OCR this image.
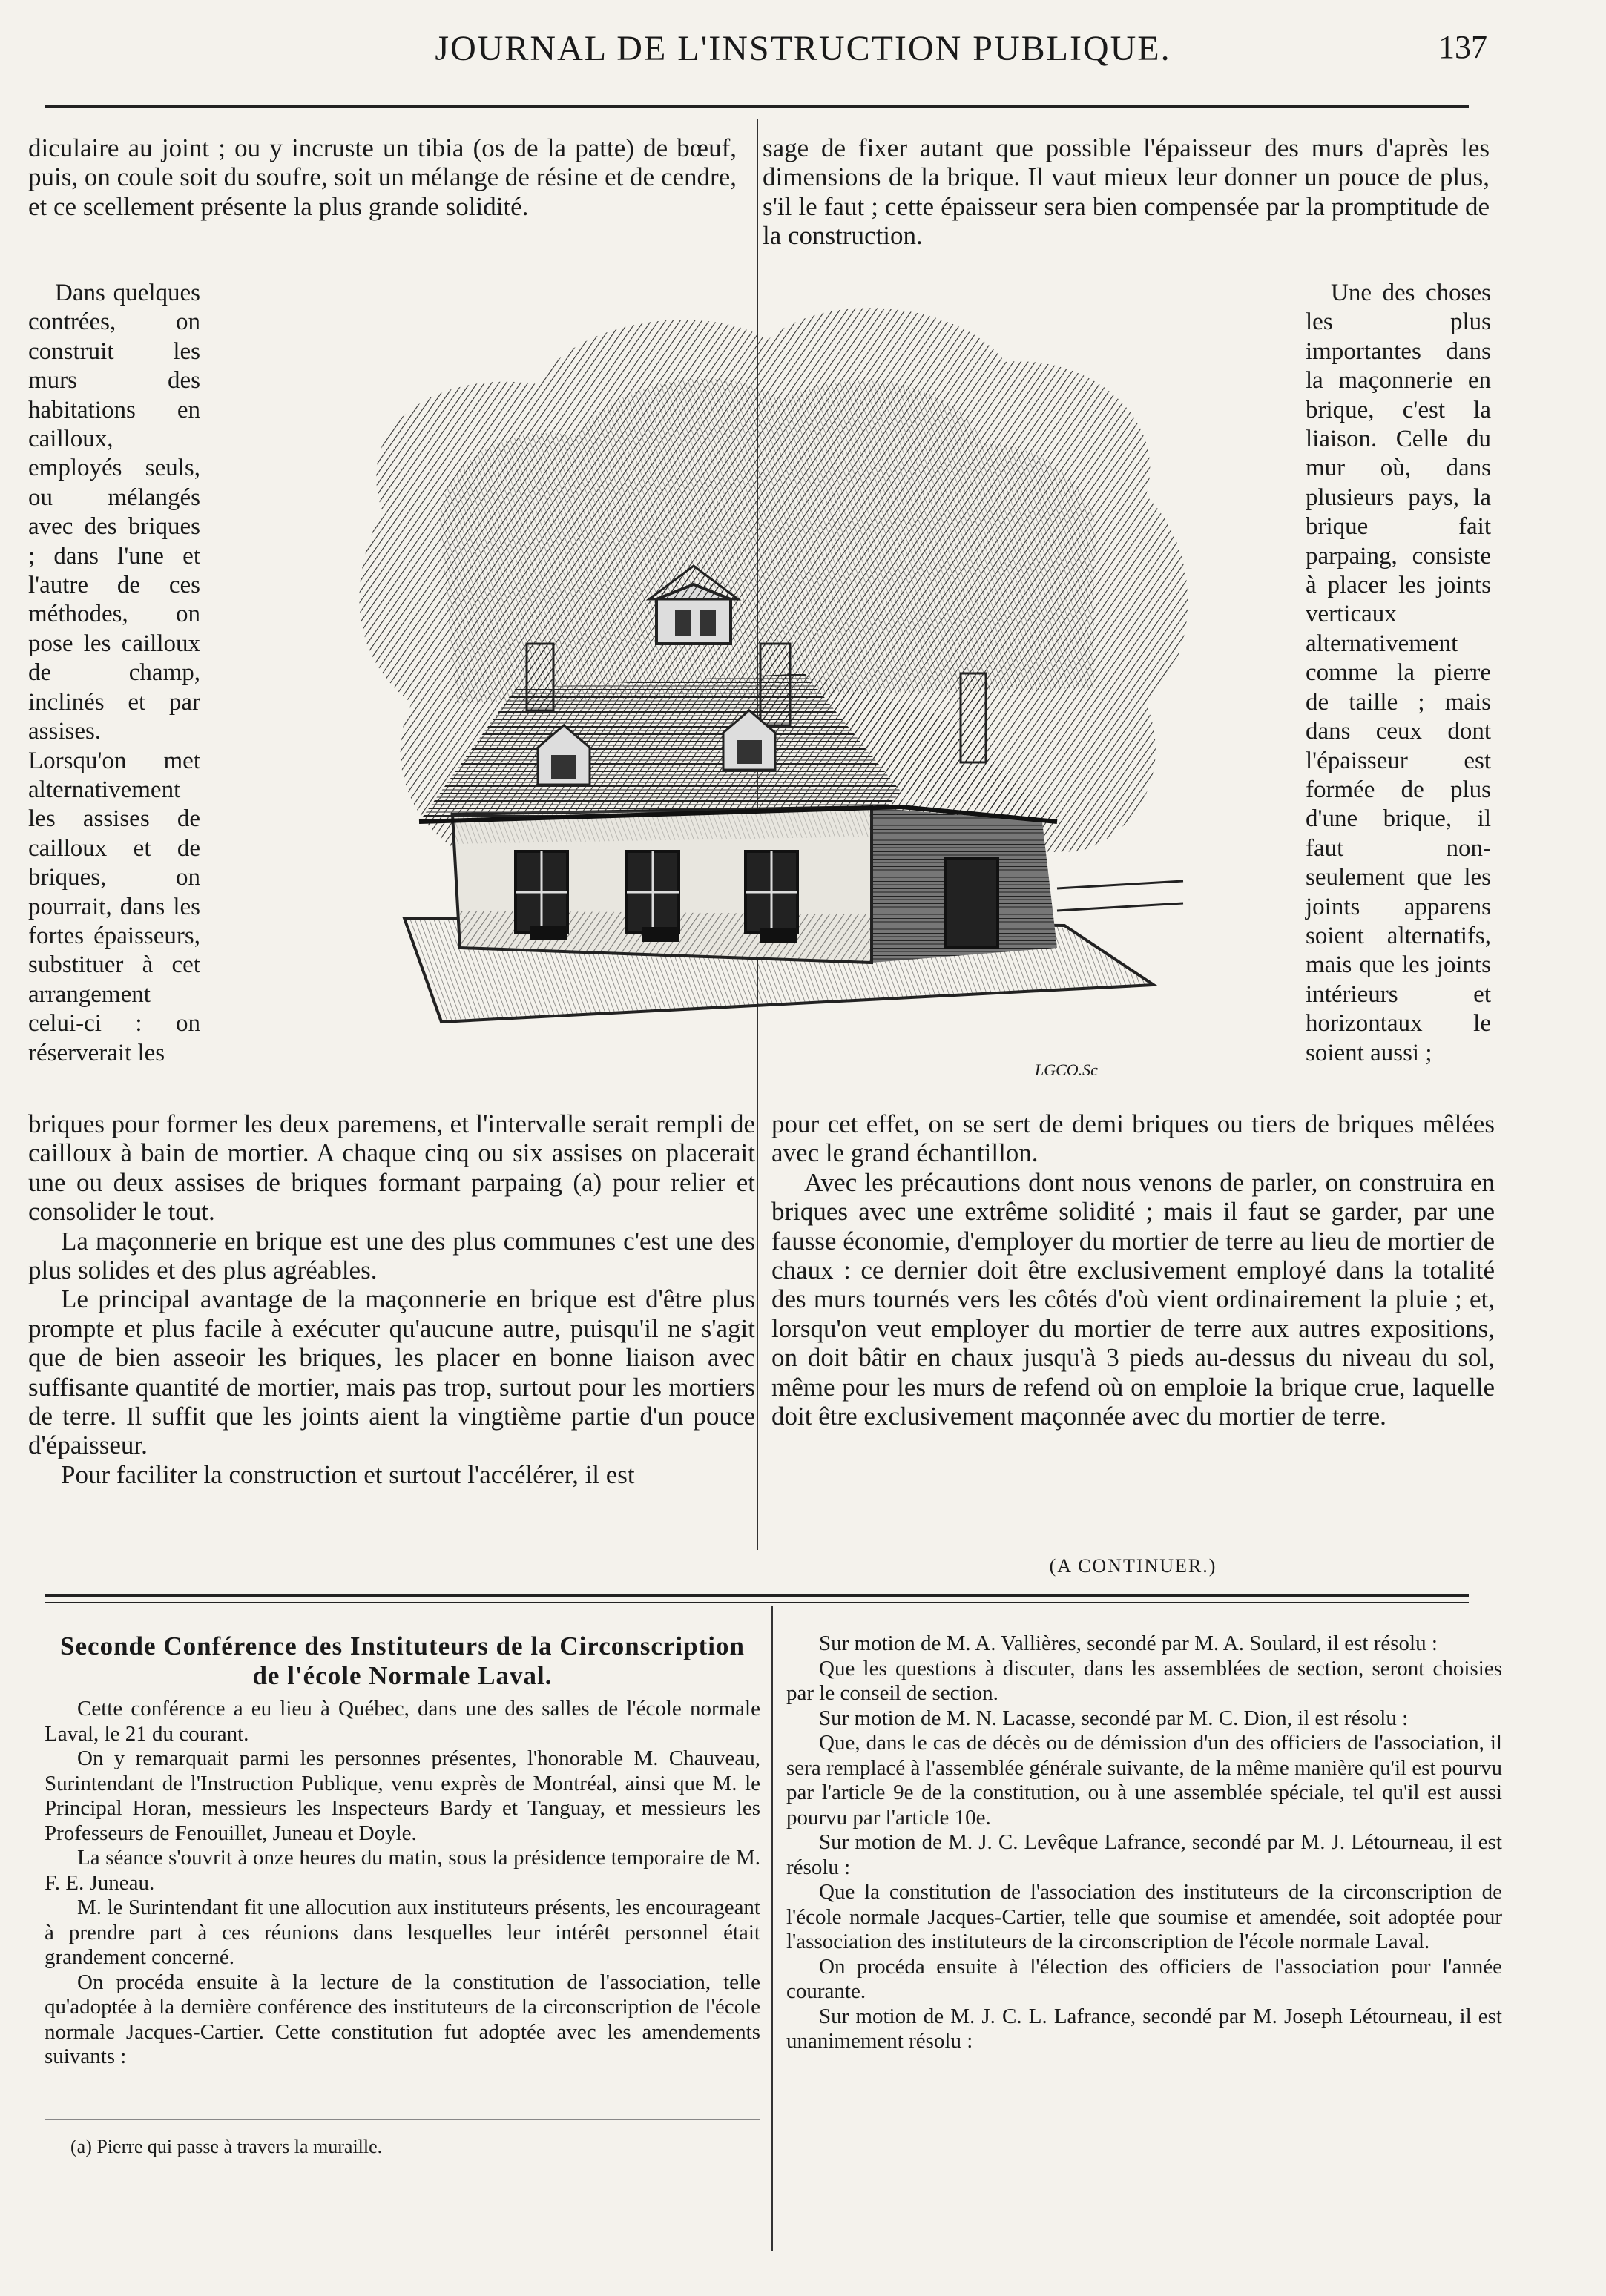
JOURNAL DE L'INSTRUCTION PUBLIQUE.	137

diculaire au joint ; ou y incruste un tibia (os de la patte) de bœuf, puis, on coule soit du soufre, soit un mélange de résine et de cendre, et ce scellement présente la plus grande solidité.

Dans quelques contrées, on construit les murs des habitations en cailloux, employés seuls, ou mélangés avec des briques ; dans l'une et l'autre de ces méthodes, on pose les cailloux de champ, inclinés et par assises. Lorsqu'on met alternativement les assises de cailloux et de briques, on pourrait, dans les fortes épaisseurs, substituer à cet arrangement celui-ci : on réserverait les

briques pour former les deux paremens, et l'intervalle serait rempli de cailloux à bain de mortier. A chaque cinq ou six assises on placerait une ou deux assises de briques formant parpaing (a) pour relier et consolider le tout.

La maçonnerie en brique est une des plus communes c'est une des plus solides et des plus agréables.

Le principal avantage de la maçonnerie en brique est d'être plus prompte et plus facile à exécuter qu'aucune autre, puisqu'il ne s'agit que de bien asseoir les briques, les placer en bonne liaison avec suffisante quantité de mortier, mais pas trop, surtout pour les mortiers de terre. Il suffit que les joints aient la vingtième partie d'un pouce d'épaisseur.

Pour faciliter la construction et surtout l'accélérer, il est

sage de fixer autant que possible l'épaisseur des murs d'après les dimensions de la brique. Il vaut mieux leur donner un pouce de plus, s'il le faut ; cette épaisseur sera bien compensée par la promptitude de la construction.

Une des choses les plus importantes dans la maçonnerie en brique, c'est la liaison. Celle du mur où, dans plusieurs pays, la brique fait parpaing, consiste à placer les joints verticaux alternativement comme la pierre de taille ; mais dans ceux dont l'épaisseur est formée de plus d'une brique, il faut non-seulement que les joints apparens soient alternatifs, mais que les joints intérieurs et horizontaux le soient aussi ;

pour cet effet, on se sert de demi briques ou tiers de briques mêlées avec le grand échantillon.

Avec les précautions dont nous venons de parler, on construira en briques avec une extrême solidité ; mais il faut se garder, par une fausse économie, d'employer du mortier de terre au lieu de mortier de chaux : ce dernier doit être exclusivement employé dans la totalité des murs tournés vers les côtés d'où vient ordinairement la pluie ; et, lorsqu'on veut employer du mortier de terre aux autres expositions, on doit bâtir en chaux jusqu'à 3 pieds au-dessus du niveau du sol, même pour les murs de refend où on emploie la brique crue, laquelle doit être exclusivement maçonnée avec du mortier de terre.

(A CONTINUER.)
LGCO.Sc
Seconde Conférence des Instituteurs de la Circonscription de l'école Normale Laval.

Cette conférence a eu lieu à Québec, dans une des salles de l'école normale Laval, le 21 du courant.

On y remarquait parmi les personnes présentes, l'honorable M. Chauveau, Surintendant de l'Instruction Publique, venu exprès de Montréal, ainsi que M. le Principal Horan, messieurs les Inspecteurs Bardy et Tanguay, et messieurs les Professeurs de Fenouillet, Juneau et Doyle.

La séance s'ouvrit à onze heures du matin, sous la présidence temporaire de M. F. E. Juneau.

M. le Surintendant fit une allocution aux instituteurs présents, les encourageant à prendre part à ces réunions dans lesquelles leur intérêt personnel était grandement concerné.

On procéda ensuite à la lecture de la constitution de l'association, telle qu'adoptée à la dernière conférence des instituteurs de la circonscription de l'école normale Jacques-Cartier. Cette constitution fut adoptée avec les amendements suivants :

(a) Pierre qui passe à travers la muraille.

Sur motion de M. A. Vallières, secondé par M. A. Soulard, il est résolu :

Que les questions à discuter, dans les assemblées de section, seront choisies par le conseil de section.

Sur motion de M. N. Lacasse, secondé par M. C. Dion, il est résolu :

Que, dans le cas de décès ou de démission d'un des officiers de l'association, il sera remplacé à l'assemblée générale suivante, de la même manière qu'il est pourvu par l'article 9e de la constitution, ou à une assemblée spéciale, tel qu'il est aussi pourvu par l'article 10e.

Sur motion de M. J. C. Levêque Lafrance, secondé par M. J. Létourneau, il est résolu :

Que la constitution de l'association des instituteurs de la circonscription de l'école normale Jacques-Cartier, telle que soumise et amendée, soit adoptée pour l'association des instituteurs de la circonscription de l'école normale Laval.

On procéda ensuite à l'élection des officiers de l'association pour l'année courante.

Sur motion de M. J. C. L. Lafrance, secondé par M. Joseph Létourneau, il est unanimement résolu :
